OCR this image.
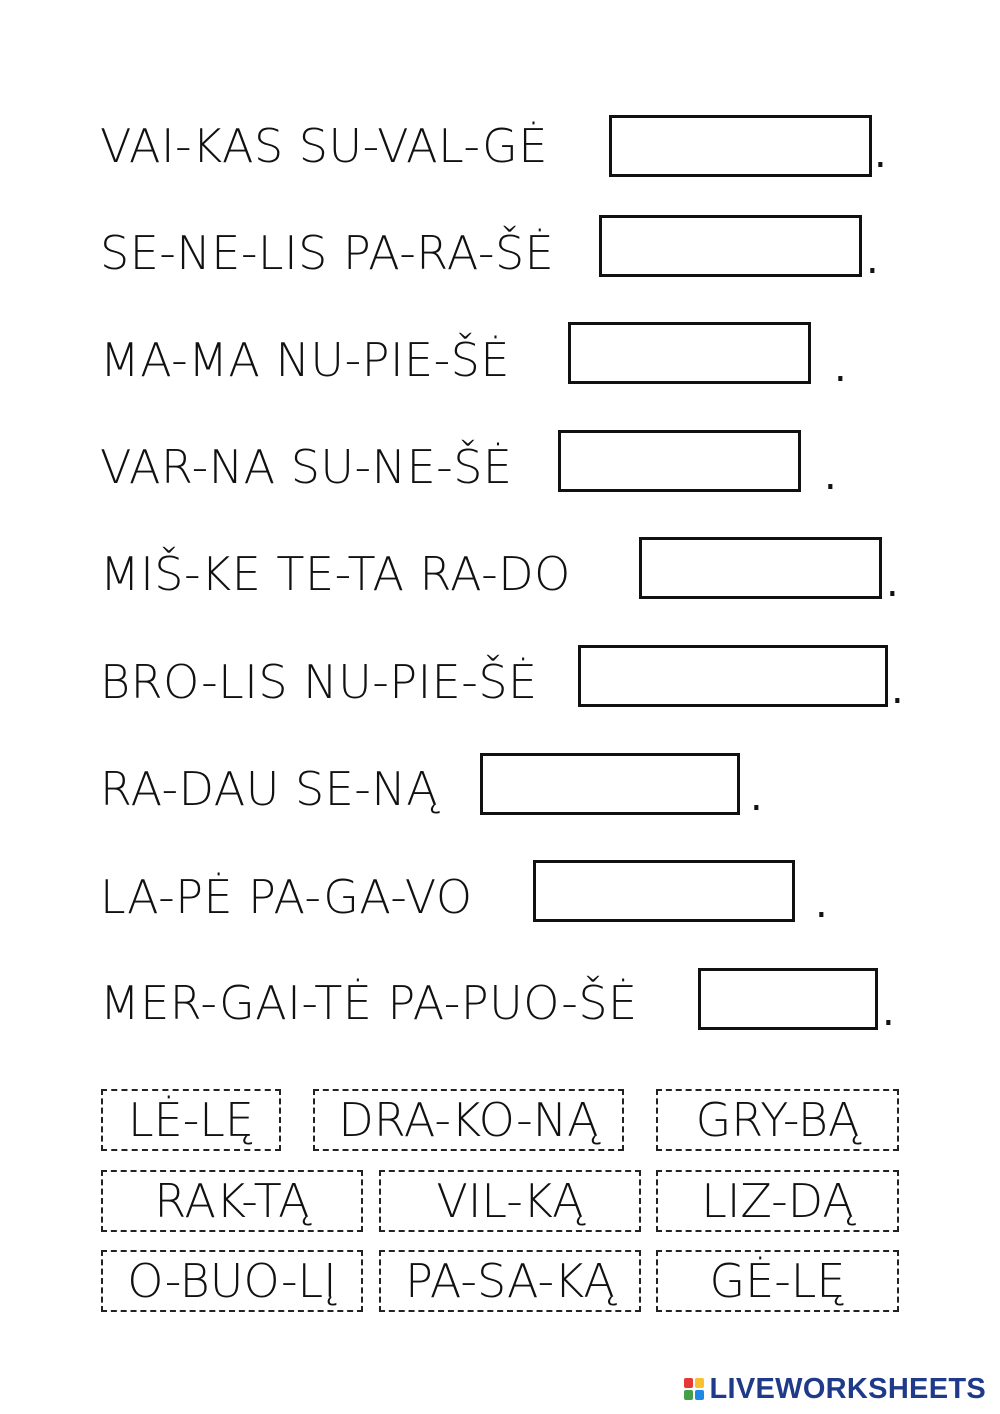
VAI-KAS SU-VAL-GĖ	.
SE-NE-LIS PA-RA-ŠĖ	.
MA-MA NU-PIE-ŠĖ	.
VAR-NA SU-NE-ŠĖ	.
MIŠ-KE TE-TA RA-DO	.
BRO-LIS NU-PIE-ŠĖ	.
RA-DAU SE-NĄ	.
LA-PĖ PA-GA-VO	.
MER-GAI-TĖ PA-PUO-ŠĖ	.
LĖ-LĘ	DRA-KO-NĄ	GRY-BĄ
RAK-TĄ	VIL-KĄ	LIZ-DĄ
O-BUO-LĮ	PA-SA-KĄ	GĖ-LĘ
LIVEWORKSHEETS
